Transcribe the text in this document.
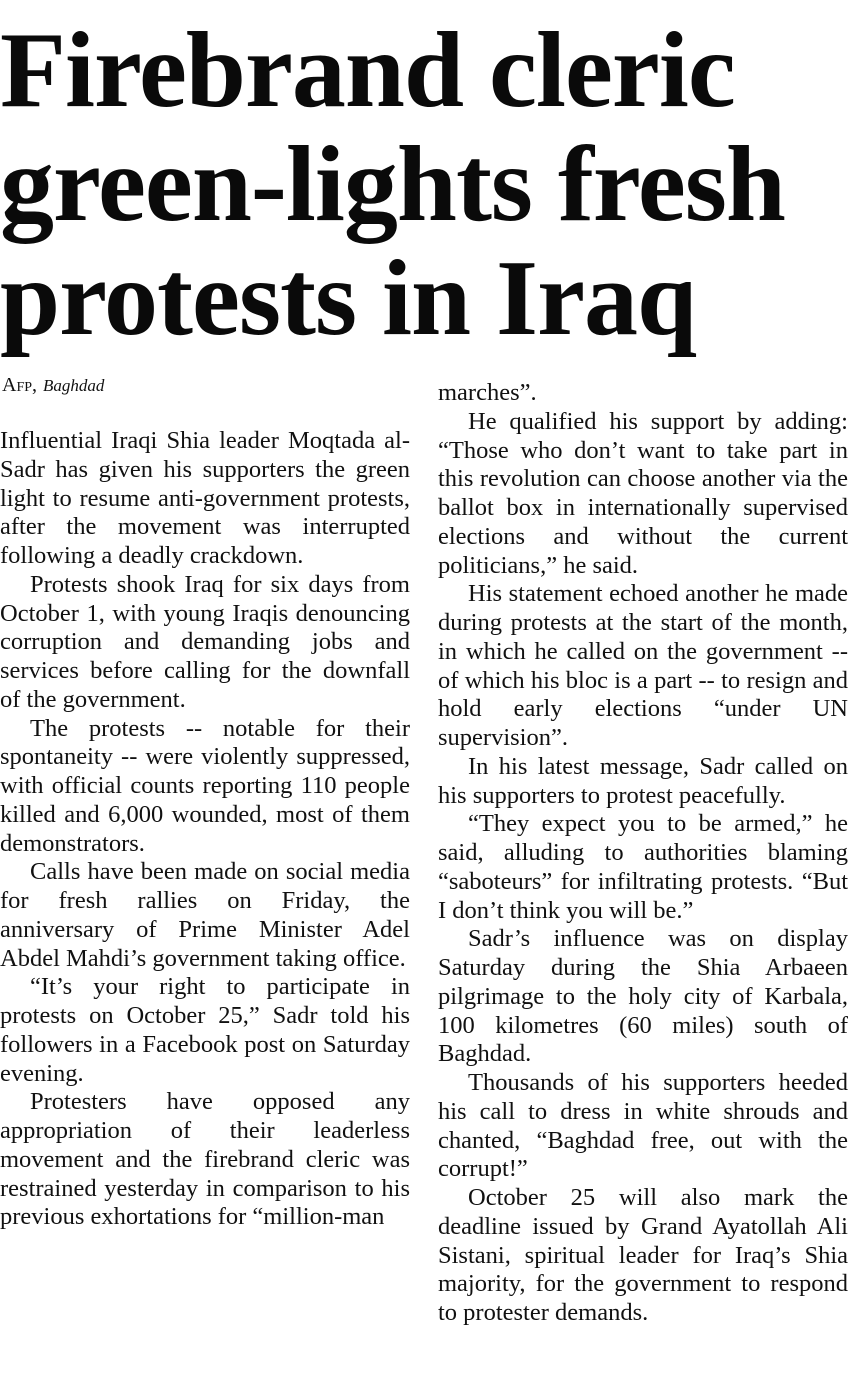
Firebrand cleric
green-lights fresh
protests in Iraq
Afp, Baghdad

Influential Iraqi Shia leader Moqtada al-Sadr has given his supporters the green light to resume anti-government protests, after the movement was interrupted following a deadly crackdown.

Protests shook Iraq for six days from October 1, with young Iraqis denouncing corruption and demanding jobs and services before calling for the downfall of the government.

The protests -- notable for their spontaneity -- were violently suppressed, with official counts reporting 110 people killed and 6,000 wounded, most of them demonstrators.

Calls have been made on social media for fresh rallies on Friday, the anniversary of Prime Minister Adel Abdel Mahdi’s government taking office.

“It’s your right to participate in protests on October 25,” Sadr told his followers in a Facebook post on Saturday evening.

Protesters have opposed any appropriation of their leaderless movement and the firebrand cleric was restrained yesterday in comparison to his previous exhortations for “million-man

marches”.

He qualified his support by adding: “Those who don’t want to take part in this revolution can choose another via the ballot box in internationally supervised elections and without the current politicians,” he said.

His statement echoed another he made during protests at the start of the month, in which he called on the government -- of which his bloc is a part -- to resign and hold early elections “under UN supervision”.

In his latest message, Sadr called on his supporters to protest peacefully.

“They expect you to be armed,” he said, alluding to authorities blaming “saboteurs” for infiltrating protests. “But I don’t think you will be.”

Sadr’s influence was on display Saturday during the Shia Arbaeen pilgrimage to the holy city of Karbala, 100 kilometres (60 miles) south of Baghdad.

Thousands of his supporters heeded his call to dress in white shrouds and chanted, “Baghdad free, out with the corrupt!”

October 25 will also mark the deadline issued by Grand Ayatollah Ali Sistani, spiritual leader for Iraq’s Shia majority, for the government to respond to protester demands.
